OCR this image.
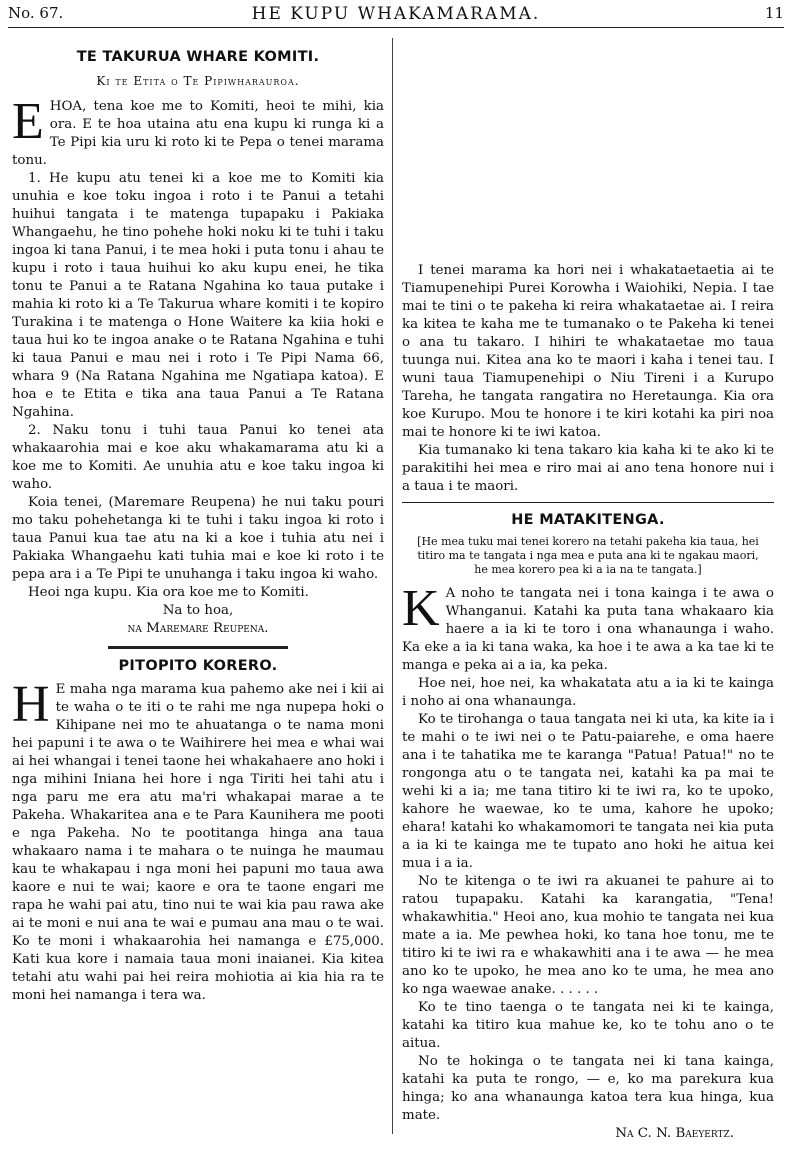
No. 67.	HE KUPU WHAKAMARAMA.	11
TE TAKURUA WHARE KOMITI.
Ki te Etita o Te Pipiwharauroa.

EHOA, tena koe me to Komiti, heoi te mihi, kia ora. E te hoa utaina atu ena kupu ki runga ki a Te Pipi kia uru ki roto ki te Pepa o tenei marama tonu.

1. He kupu atu tenei ki a koe me to Komiti kia unuhia e koe toku ingoa i roto i te Panui a tetahi huihui tangata i te matenga tupapaku i Pakiaka Whangaehu, he tino pohehe hoki noku ki te tuhi i taku ingoa ki tana Panui, i te mea hoki i puta tonu i ahau te kupu i roto i taua huihui ko aku kupu enei, he tika tonu te Panui a te Ratana Ngahina ko taua putake i mahia ki roto ki a Te Takurua whare komiti i te kopiro Turakina i te matenga o Hone Waitere ka kiia hoki e taua hui ko te ingoa anake o te Ratana Ngahina e tuhi ki taua Panui e mau nei i roto i Te Pipi Nama 66, whara 9 (Na Ratana Ngahina me Ngatiapa katoa). E hoa e te Etita e tika ana taua Panui a Te Ratana Ngahina.

2. Naku tonu i tuhi taua Panui ko tenei ata whakaarohia mai e koe aku whakamarama atu ki a koe me to Komiti. Ae unuhia atu e koe taku ingoa ki waho.

Koia tenei, (Maremare Reupena) he nui taku pouri mo taku pohehetanga ki te tuhi i taku ingoa ki roto i taua Panui kua tae atu na ki a koe i tuhia atu nei i Pakiaka Whangaehu kati tuhia mai e koe ki roto i te pepa ara i a Te Pipi te unuhanga i taku ingoa ki waho.

Heoi nga kupu. Kia ora koe me to Komiti.

Na to hoa,

na Maremare Reupena.

PITOPITO KORERO.

H E maha nga marama kua pahemo ake nei i kii ai te waha o te iti o te rahi me nga nupepa hoki o Kihipane nei mo te ahuatanga o te nama moni hei papuni i te awa o te Waihirere hei mea e whai wai ai hei whangai i tenei taone hei whakahaere ano hoki i nga mihini Iniana hei hore i nga Tiriti hei tahi atu i nga paru me era atu ma'ri whakapai marae a te Pakeha. Whakaritea ana e te Para Kaunihera me pooti e nga Pakeha. No te pootitanga hinga ana taua whakaaro nama i te mahara o te nuinga he maumau kau te whakapau i nga moni hei papuni mo taua awa kaore e nui te wai; kaore e ora te taone engari me rapa he wahi pai atu, tino nui te wai kia pau rawa ake ai te moni e nui ana te wai e pumau ana mau o te wai. Ko te moni i whakaarohia hei namanga e £75,000. Kati kua kore i namaia taua moni inaianei. Kia kitea tetahi atu wahi pai hei reira mohiotia ai kia hia ra te moni hei namanga i tera wa.

I tenei marama ka hori nei i whakataetaetia ai te Tiamupenehipi Purei Korowha i Waiohiki, Nepia. I tae mai te tini o te pakeha ki reira whakataetae ai. I reira ka kitea te kaha me te tumanako o te Pakeha ki tenei o ana tu takaro. I hihiri te whakataetae mo taua tuunga nui. Kitea ana ko te maori i kaha i tenei tau. I wuni taua Tiamupenehipi o Niu Tireni i a Kurupo Tareha, he tangata rangatira no Heretaunga. Kia ora koe Kurupo. Mou te honore i te kiri kotahi ka piri noa mai te honore ki te iwi katoa.

Kia tumanako ki tena takaro kia kaha ki te ako ki te parakitihi hei mea e riro mai ai ano tena honore nui i a taua i te maori.

HE MATAKITENGA.
[He mea tuku mai tenei korero na tetahi pakeha kia taua, hei titiro ma te tangata i nga mea e puta ana ki te ngakau maori, he mea korero pea ki a ia na te tangata.]

K A noho te tangata nei i tona kainga i te awa o Whanganui. Katahi ka puta tana whakaaro kia haere a ia ki te toro i ona whanaunga i waho. Ka eke a ia ki tana waka, ka hoe i te awa a ka tae ki te manga e peka ai a ia, ka peka.

Hoe nei, hoe nei, ka whakatata atu a ia ki te kainga i noho ai ona whanaunga.

Ko te tirohanga o taua tangata nei ki uta, ka kite ia i te mahi o te iwi nei o te Patu-paiarehe, e oma haere ana i te tahatika me te karanga "Patua! Patua!" no te rongonga atu o te tangata nei, katahi ka pa mai te wehi ki a ia; me tana titiro ki te iwi ra, ko te upoko, kahore he waewae, ko te uma, kahore he upoko; ehara! katahi ko whakamomori te tangata nei kia puta a ia ki te kainga me te tupato ano hoki he aitua kei mua i a ia.

No te kitenga o te iwi ra akuanei te pahure ai to ratou tupapaku. Katahi ka karangatia, "Tena! whakawhitia." Heoi ano, kua mohio te tangata nei kua mate a ia. Me pewhea hoki, ko tana hoe tonu, me te titiro ki te iwi ra e whakawhiti ana i te awa — he mea ano ko te upoko, he mea ano ko te uma, he mea ano ko nga waewae anake. . . . . .

Ko te tino taenga o te tangata nei ki te kainga, katahi ka titiro kua mahue ke, ko te tohu ano o te aitua.

No te hokinga o te tangata nei ki tana kainga, katahi ka puta te rongo, — e, ko ma parekura kua hinga; ko ana whanaunga katoa tera kua hinga, kua mate.

Na C. N. Baeyertz.
